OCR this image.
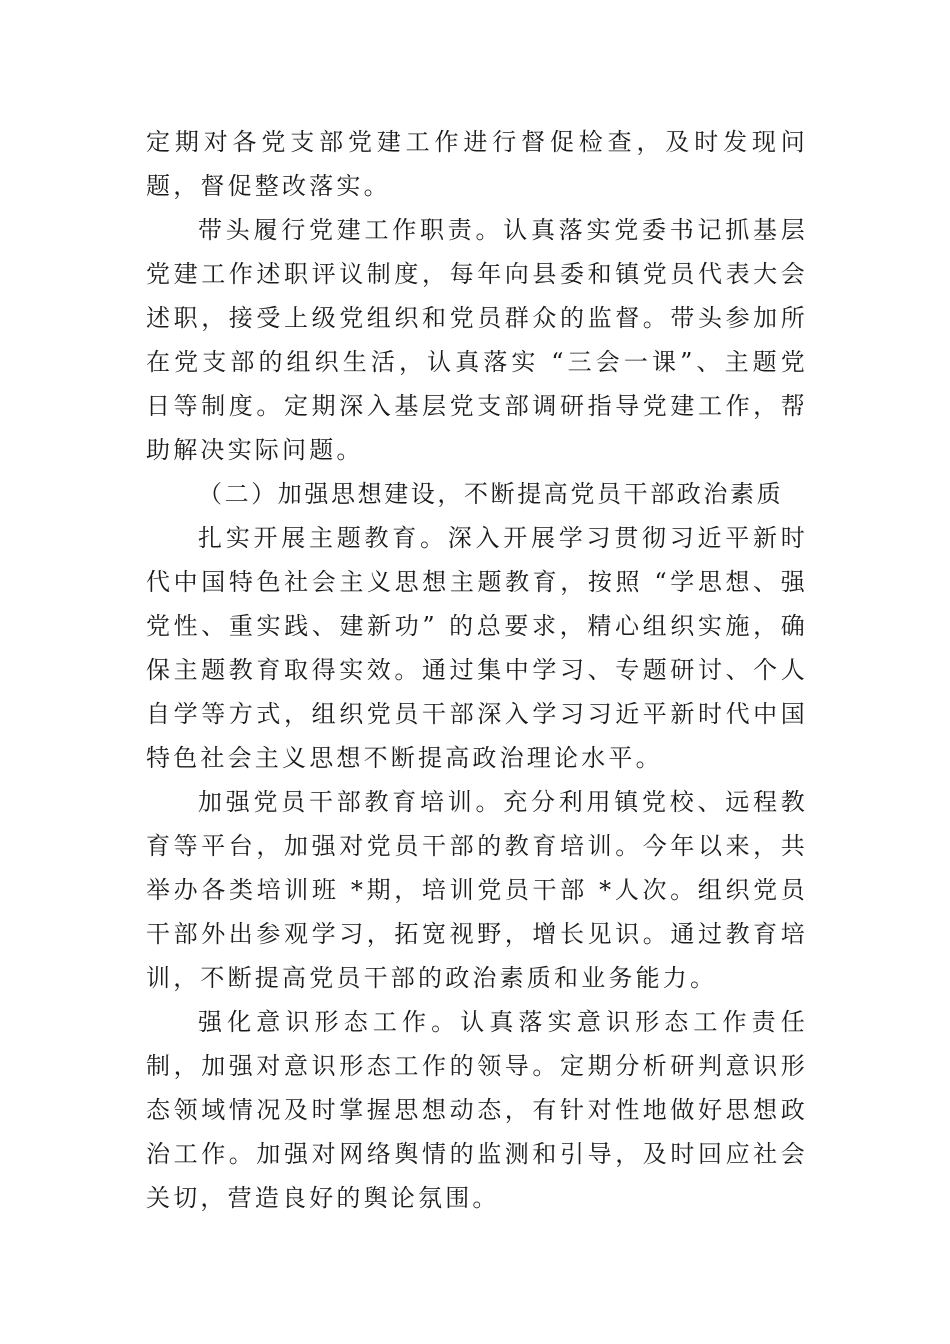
定期对各党支部党建工作进行督促检查，及时发现问题，督促整改落实。

带头履行党建工作职责。认真落实党委书记抓基层党建工作述职评议制度，每年向县委和镇党员代表大会述职，接受上级党组织和党员群众的监督。带头参加所在党支部的组织生活，认真落实 “三会一课”、主题党日等制度。定期深入基层党支部调研指导党建工作，帮助解决实际问题。

（二）加强思想建设，不断提高党员干部政治素质

扎实开展主题教育。深入开展学习贯彻习近平新时代中国特色社会主义思想主题教育，按照 “学思想、强党性、重实践、建新功” 的总要求，精心组织实施，确保主题教育取得实效。通过集中学习、专题研讨、个人自学等方式，组织党员干部深入学习习近平新时代中国特色社会主义思想不断提高政治理论水平。

加强党员干部教育培训。充分利用镇党校、远程教育等平台，加强对党员干部的教育培训。今年以来，共举办各类培训班 *期，培训党员干部 *人次。组织党员干部外出参观学习，拓宽视野，增长见识。通过教育培训，不断提高党员干部的政治素质和业务能力。

强化意识形态工作。认真落实意识形态工作责任制，加强对意识形态工作的领导。定期分析研判意识形态领域情况及时掌握思想动态，有针对性地做好思想政治工作。加强对网络舆情的监测和引导，及时回应社会关切，营造良好的舆论氛围。
